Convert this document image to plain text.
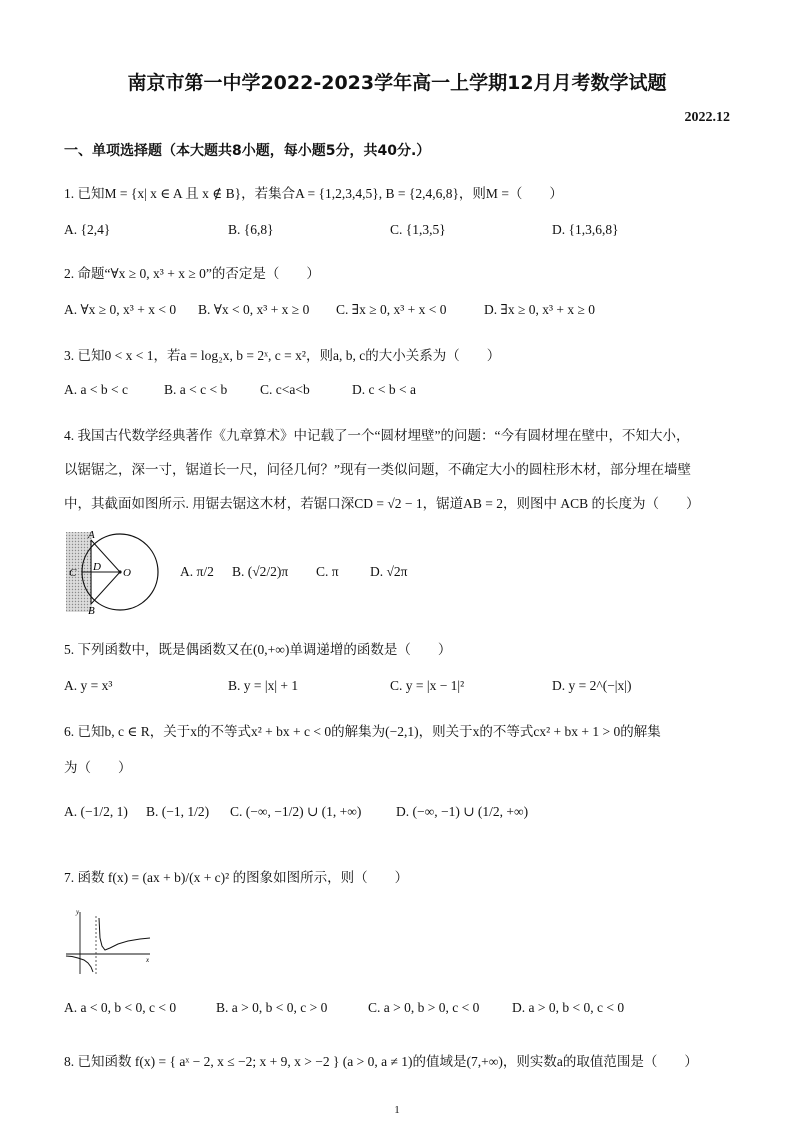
南京市第一中学2022-2023学年高一上学期12月月考数学试题
2022.12
一、单项选择题（本大题共8小题，每小题5分，共40分.）
1. 已知M = {x| x ∈ A 且 x ∉ B}，若集合A = {1,2,3,4,5}, B = {2,4,6,8}，则M =（　　）
A. {2,4}	B. {6,8}	C. {1,3,5}	D. {1,3,6,8}
2. 命题“∀x ≥ 0, x³ + x ≥ 0”的否定是（　　）
A. ∀x ≥ 0, x³ + x < 0 B. ∀x < 0, x³ + x ≥ 0 C. ∃x ≥ 0, x³ + x < 0	D. ∃x ≥ 0, x³ + x ≥ 0
3. 已知0 < x < 1，若a = log₂x, b = 2ˣ, c = x²，则a, b, c的大小关系为（　　）
A. a < b < c	B. a < c < b C. c<a<b	D. c < b < a
4. 我国古代数学经典著作《九章算术》中记载了一个“圆材埋壁”的问题：“今有圆材埋在壁中，不知大小，
以锯锯之，深一寸，锯道长一尺，问径几何？”现有一类似问题，不确定大小的圆柱形木材，部分埋在墙壁
中，其截面如图所示. 用锯去锯这木材，若锯口深CD = √2 − 1，锯道AB = 2，则图中 ACB 的长度为（　　）
A
B
C D O	A. π/2 B. (√2/2)π C. π D. √2π
5. 下列函数中，既是偶函数又在(0,+∞)单调递增的函数是（　　）
A. y = x³	B. y = |x| + 1	C. y = |x − 1|²	D. y = 2^(−|x|)
6. 已知b, c ∈ R，关于x的不等式x² + bx + c < 0的解集为(−2,1)，则关于x的不等式cx² + bx + 1 > 0的解集
为（　　）
A. (−1/2, 1) B. (−1, 1/2) C. (−∞, −1/2) ∪ (1, +∞)	D. (−∞, −1) ∪ (1/2, +∞)
7. 函数 f(x) = (ax + b)/(x + c)² 的图象如图所示，则（　　）
y
x
A. a < 0, b < 0, c < 0	B. a > 0, b < 0, c > 0	C. a > 0, b > 0, c < 0 D. a > 0, b < 0, c < 0
8. 已知函数 f(x) = { aˣ − 2, x ≤ −2; x + 9, x > −2 } (a > 0, a ≠ 1)的值域是(7,+∞)，则实数a的取值范围是（　　）
1
